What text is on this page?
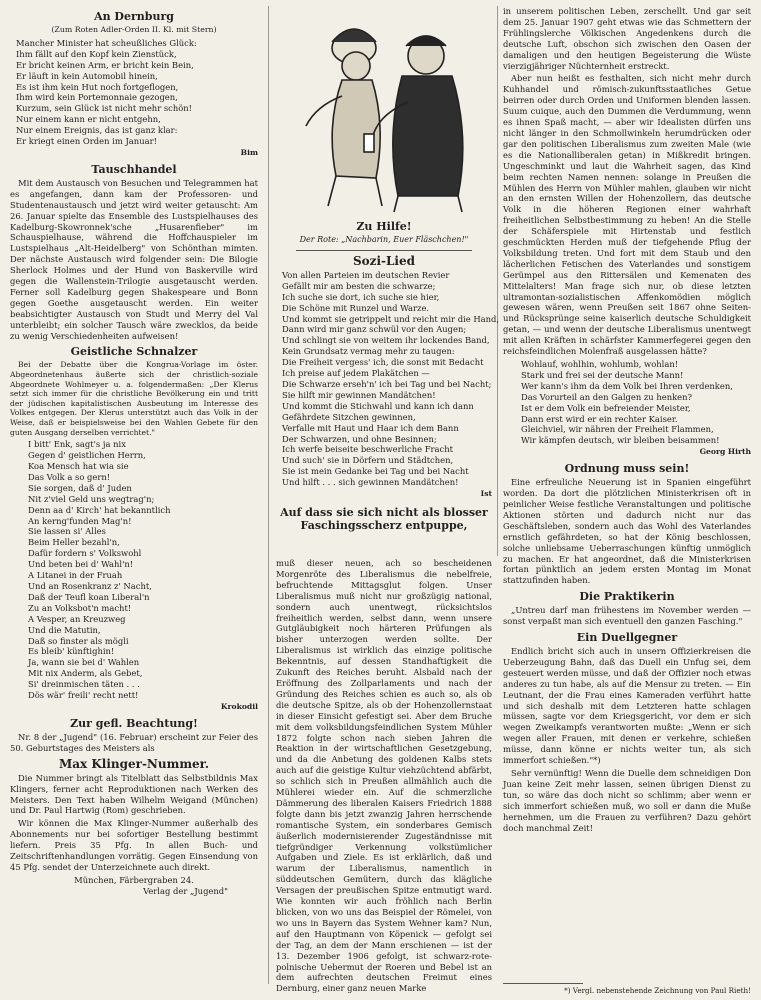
An Dernburg
(Zum Roten Adler-Orden II. Kl. mit Stern)
Mancher Minister hat scheußliches Glück:
Ihm fällt auf den Kopf kein Zienstück,
Er bricht keinen Arm, er bricht kein Bein,
Er läuft in kein Automobil hinein,
Es ist ihm kein Hut noch fortgeflogen,
Ihm wird kein Portemonnaie gezogen,
Kurzum, sein Glück ist nicht mehr schön!
Nur einem kann er nicht entgehn,
Nur einem Ereignis, das ist ganz klar:
Er kriegt einen Orden im Januar!
Bim
Tauschhandel

Mit dem Austausch von Besuchen und Telegrammen hat es angefangen, dann kam der Professoren- und Studentenaustausch und jetzt wird weiter getauscht: Am 26. Januar spielte das Ensemble des Lustspielhauses des Kadelburg-Skowronnek'sche „Husarenfieber" im Schauspielhause, während die Hoffchauspieler im Lustspielhaus „Alt-Heidelberg" von Schönthan mimten. Der nächste Austausch wird folgender sein: Die Bilogie Sherlock Holmes und der Hund von Baskerville wird gegen die Wallenstein-Trilogie ausgetauscht werden. Ferner soll Kadelburg gegen Shakespeare und Bonn gegen Goethe ausgetauscht werden. Ein weiter beabsichtigter Austausch von Studt und Merry del Val unterbleibt; ein solcher Tausch wäre zwecklos, da beide zu wenig Verschiedenheiten aufweisen!

Geistliche Schnalzer

Bei der Debatte über die Kongrua-Vorlage im öster. Abgeordnetenhaus äußerte sich der christlich-soziale Abgeordnete Wohlmeyer u. a. folgendermaßen: „Der Klerus setzt sich immer für die christliche Bevölkerung ein und tritt der jüdischen kapitalistischen Ausbeutung im Interesse des Volkes entgegen. Der Klerus unterstützt auch das Volk in der Weise, daß er beispielsweise bei den Wahlen Gebete für den guten Ausgang derselben verrichtet."

I bitt' Enk, sagt's ja nix
Gegen d' geistlichen Herrn,
Koa Mensch hat wia sie
Das Volk a so gern!
Sie sorgen, daß d' Juden
Nit z'viel Geld uns wegtrag'n;
Denn aa d' Kirch' hat bekanntlich
An kerng'funden Mag'n!
Sie lassen si' Alles
Beim Heller bezahl'n,
Dafür fordern s' Volkswohl
Und beten bei d' Wahl'n!
A Litanei in der Fruah
Und an Rosenkranz z' Nacht,
Daß der Teufl koan Liberal'n
Zu an Volksbot'n macht!
A Vesper, an Kreuzweg
Und die Matutin,
Daß so finster als mögli
Es bleib' künftighin!
Ja, wann sie bei d' Wahlen
Mit nix Anderm, als Gebet,
Si' dreinmischen täten . . .
Dös wär' freili' recht nett!
Krokodil
Zur gefl. Beachtung!

Nr. 8 der „Jugend" (16. Februar) erscheint zur Feier des 50. Geburtstages des Meisters als

Max Klinger-Nummer.

Die Nummer bringt als Titelblatt das Selbstbildnis Max Klingers, ferner acht Reproduktionen nach Werken des Meisters. Den Text haben Wilhelm Weigand (München) und Dr. Paul Hartwig (Rom) geschrieben.

Wir können die Max Klinger-Nummer außerhalb des Abonnements nur bei sofortiger Bestellung bestimmt liefern. Preis 35 Pfg. In allen Buch- und Zeitschriftenhandlungen vorrätig. Gegen Einsendung von 45 Pfg. sendet der Unterzeichnete auch direkt.

München, Färbergraben 24.
Verlag der „Jugend"
Zu Hilfe!
Der Rote: „Nachbarin, Euer Fläschchen!"
Sozi-Lied
Von allen Parteien im deutschen Revier
Gefällt mir am besten die schwarze;
Ich suche sie dort, ich suche sie hier,
Die Schöne mit Runzel und Warze.
Und kommt sie getrippelt und reicht mir die Hand,
Dann wird mir ganz schwül vor den Augen;
Und schlingt sie von weitem ihr lockendes Band,
Kein Grundsatz vermag mehr zu taugen:
Die Freiheit vergess' ich, die sonst mit Bedacht
Ich preise auf jedem Plakätchen —
Die Schwarze erseh'n' ich bei Tag und bei Nacht;
Sie hilft mir gewinnen Mandätchen!
Und kommt die Stichwahl und kann ich dann
Gefährdete Sitzchen gewinnen,
Verfalle mit Haut und Haar ich dem Bann
Der Schwarzen, und ohne Besinnen;
Ich werfe beiseite beschwerliche Fracht
Und such' sie in Dörfern und Städtchen,
Sie ist mein Gedanke bei Tag und bei Nacht
Und hilft . . . sich gewinnen Mandätchen!
Ist
Auf dass sie sich nicht als blosser Faschingsscherz entpuppe,

in unserem politischen Leben, zerschellt. Und gar seit dem 25. Januar 1907 geht etwas wie das Schmettern der Frühlingslerche Völkischen Angedenkens durch die deutsche Luft, obschon sich zwischen den Oasen der damaligen und den heutigen Begeisterung die Wüste vierzigjähriger Nüchternheit erstreckt.

Aber nun heißt es festhalten, sich nicht mehr durch Kuhhandel und römisch-zukunftsstaatliches Getue beirren oder durch Orden und Uniformen blenden lassen. Suum cuique, auch den Dummen die Verdummung, wenn es ihnen Spaß macht, — aber wir Idealisten dürfen uns nicht länger in den Schmollwinkeln herumdrücken oder gar den politischen Liberalismus zum zweiten Male (wie es die Nationalliberalen getan) in Mißkredit bringen. Ungeschminkt und laut die Wahrheit sagen, das Kind beim rechten Namen nennen: solange in Preußen die Mühlen des Herrn von Mühler mahlen, glauben wir nicht an den ernsten Willen der Hohenzollern, das deutsche Volk in die höheren Regionen einer wahrhaft freiheitlichen Selbstbestimmung zu heben! An die Stelle der Schäferspiele mit Hirtenstab und festlich geschmückten Herden muß der tiefgehende Pflug der Volksbildung treten. Und fort mit dem Staub und den lächerlichen Fetischen des Vaterlandes und sonstigem Gerümpel aus den Rittersälen und Kemenaten des Mittelalters! Man frage sich nur, ob diese letzten ultramontan-sozialistischen Affenkomödien möglich gewesen wären, wenn Preußen seit 1867 ohne Seiten- und Rücksprünge seine kaiserlich deutsche Schuldigkeit getan, — und wenn der deutsche Liberalismus unentwegt mit allen Kräften in schärfster Kammerfegerei gegen den reichsfeindlichen Molenfraß ausgelassen hätte?

Wohlauf, wohlhin, wohlumb, wohlan!
Stark und frei sei der deutsche Mann!
Wer kann's ihm da dem Volk bei Ihren verdenken,
Das Vorurteil an den Galgen zu henken?
Ist er dem Volk ein befreiender Meister,
Dann erst wird er ein rechter Kaiser.
Gleichviel, wir nähren der Freiheit Flammen,
Wir kämpfen deutsch, wir bleiben beisammen!
Georg Hirth
Ordnung muss sein!

Eine erfreuliche Neuerung ist in Spanien eingeführt worden. Da dort die plötzlichen Ministerkrisen oft in peinlicher Weise festliche Veranstaltungen und politische Aktionen störten und dadurch nicht nur das Geschäftsleben, sondern auch das Wohl des Vaterlandes ernstlich gefährdeten, so hat der König beschlossen, solche unliebsame Ueberraschungen künftig unmöglich zu machen. Er hat angeordnet, daß die Ministerkrisen fortan pünktlich an jedem ersten Montag im Monat stattzufinden haben.

Die Praktikerin

„Untreu darf man frühestens im November werden — sonst verpaßt man sich eventuell den ganzen Fasching."

Ein Duellgegner

Endlich bricht sich auch in unsern Offizierkreisen die Ueberzeugung Bahn, daß das Duell ein Unfug sei, dem gesteuert werden müsse, und daß der Offizier noch etwas anderes zu tun habe, als auf die Mensur zu treten. — Ein Leutnant, der die Frau eines Kameraden verführt hatte und sich deshalb mit dem Letzteren hatte schlagen müssen, sagte vor dem Kriegsgericht, vor dem er sich wegen Zweikampfs verantworten mußte: „Wenn er sich wegen aller Frauen, mit denen er verkehre, schießen müsse, dann könne er nichts weiter tun, als sich immerfort schießen."*)

Sehr vernünftig! Wenn die Duelle dem schneidigen Don Juan keine Zeit mehr lassen, seinen übrigen Dienst zu tun, so wäre das doch nicht so schlimm; aber wenn er sich immerfort schießen muß, wo soll er dann die Muße hernehmen, um die Frauen zu verführen? Dazu gehört doch manchmal Zeit!

muß dieser neuen, ach so bescheidenen Morgenröte des Liberalismus die nebelfreie, befruchtende Mittagsglut folgen. Unser Liberalismus muß nicht nur großzügig national, sondern auch unentwegt, rücksichtslos freiheitlich werden, selbst dann, wenn unsere Gutgläubigkeit noch härteren Prüfungen als bisher unterzogen werden sollte. Der Liberalismus ist wirklich das einzige politische Bekenntnis, auf dessen Standhaftigkeit die Zukunft des Reiches beruht. Alsbald nach der Eröffnung des Zollparlaments und nach der Gründung des Reiches schien es auch so, als ob die deutsche Spitze, als ob der Hohenzollernstaat in dieser Einsicht gefestigt sei. Aber dem Bruche mit dem volksbildungsfeindlichen System Mühler 1872 folgte schon nach sieben Jahren die Reaktion in der wirtschaftlichen Gesetzgebung, und da die Anbetung des goldenen Kalbs stets auch auf die geistige Kultur viehzüchtend abfärbt, so schlich sich in Preußen allmählich auch die Mühlerei wieder ein. Auf die schmerzliche Dämmerung des liberalen Kaisers Friedrich 1888 folgte dann bis jetzt zwanzig Jahren herrschende romantische System, ein sonderbares Gemisch äußerlich modernisierender Zugeständnisse mit tiefgründiger Verkennung volkstümlicher Aufgaben und Ziele. Es ist erklärlich, daß und warum der Liberalismus, namentlich in süddeutschen Gemütern, durch das klägliche Versagen der preußischen Spitze entmutigt ward. Wie konnten wir auch fröhlich nach Berlin blicken, von wo uns das Beispiel der Römelei, von wo uns in Bayern das System Wehner kam? Nun, auf den Hauptmann von Köpenick — gefolgt sei der Tag, an dem der Mann erschienen — ist der 13. Dezember 1906 gefolgt, ist schwarz-rote-polnische Uebermut der Roeren und Bebel ist an dem aufrechten deutschen Freimut eines Dernburg, einer ganz neuen Marke	*) Vergl. nebenstehende Zeichnung von Paul Rieth!
